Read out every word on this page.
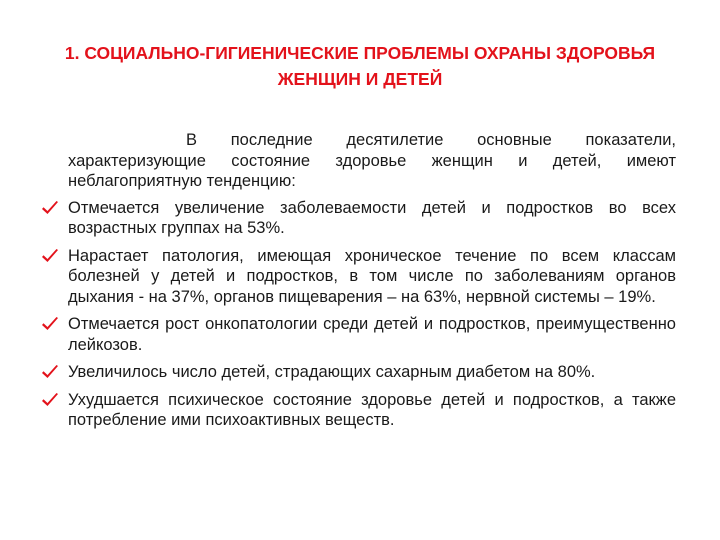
1. СОЦИАЛЬНО-ГИГИЕНИЧЕСКИЕ ПРОБЛЕМЫ ОХРАНЫ ЗДОРОВЬЯ ЖЕНЩИН И ДЕТЕЙ

В последние десятилетие основные показатели, характеризующие состояние здоровье женщин и детей, имеют неблагоприятную тенденцию:

Отмечается увеличение заболеваемости детей и подростков во всех возрастных группах на 53%.
Нарастает патология, имеющая хроническое течение по всем классам болезней у детей и подростков, в том числе по заболеваниям органов дыхания - на 37%, органов пищеварения – на 63%, нервной системы – 19%.
Отмечается рост онкопатологии среди детей и подростков, преимущественно лейкозов.
Увеличилось число детей, страдающих сахарным диабетом на 80%.
Ухудшается психическое состояние здоровье детей и подростков, а также потребление ими психоактивных веществ.
